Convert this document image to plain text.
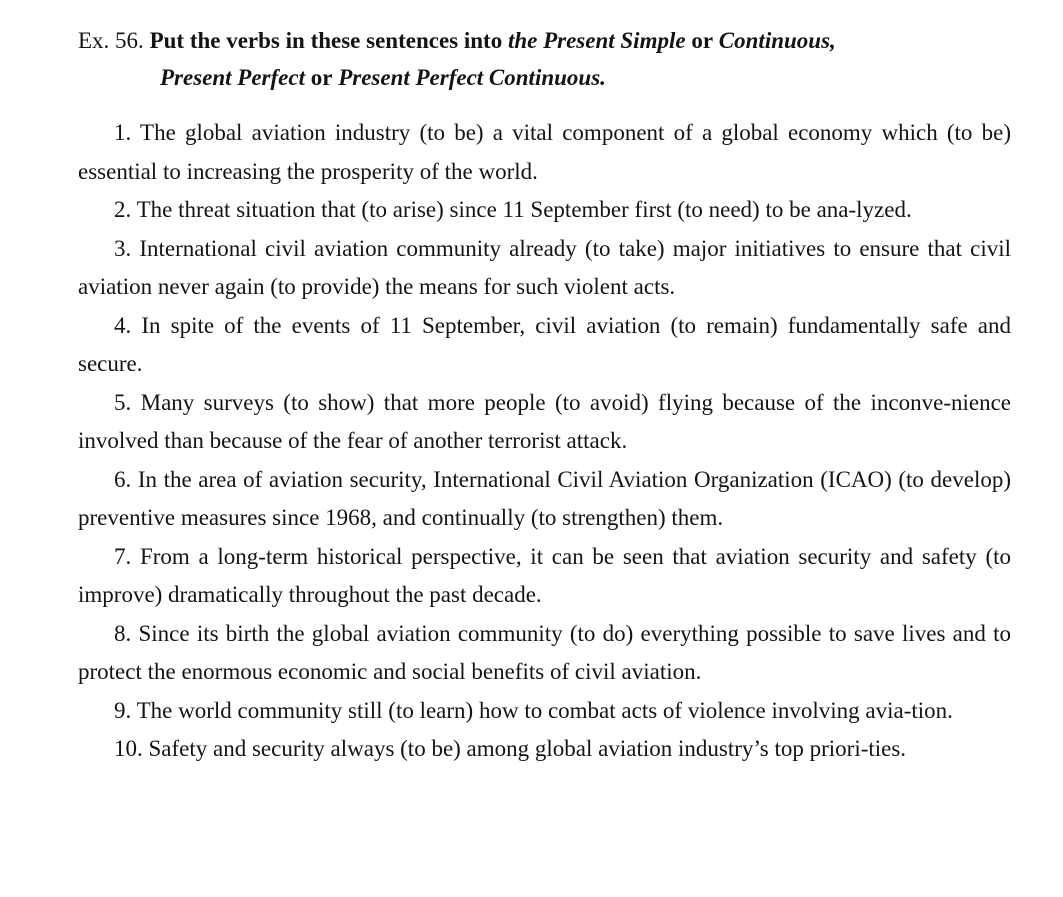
Ex. 56. Put the verbs in these sentences into the Present Simple or Continuous,
Present Perfect or Present Perfect Continuous.
1. The global aviation industry (to be) a vital component of a global economy which (to be) essential to increasing the prosperity of the world.
2. The threat situation that (to arise) since 11 September first (to need) to be ana-lyzed.
3. International civil aviation community already (to take) major initiatives to ensure that civil aviation never again (to provide) the means for such violent acts.
4. In spite of the events of 11 September, civil aviation (to remain) fundamentally safe and secure.
5. Many surveys (to show) that more people (to avoid) flying because of the inconve-nience involved than because of the fear of another terrorist attack.
6. In the area of aviation security, International Civil Aviation Organization (ICAO) (to develop) preventive measures since 1968, and continually (to strengthen) them.
7. From a long-term historical perspective, it can be seen that aviation security and safety (to improve) dramatically throughout the past decade.
8. Since its birth the global aviation community (to do) everything possible to save lives and to protect the enormous economic and social benefits of civil aviation.
9. The world community still (to learn) how to combat acts of violence involving avia-tion.
10. Safety and security always (to be) among global aviation industry’s top priori-ties.
